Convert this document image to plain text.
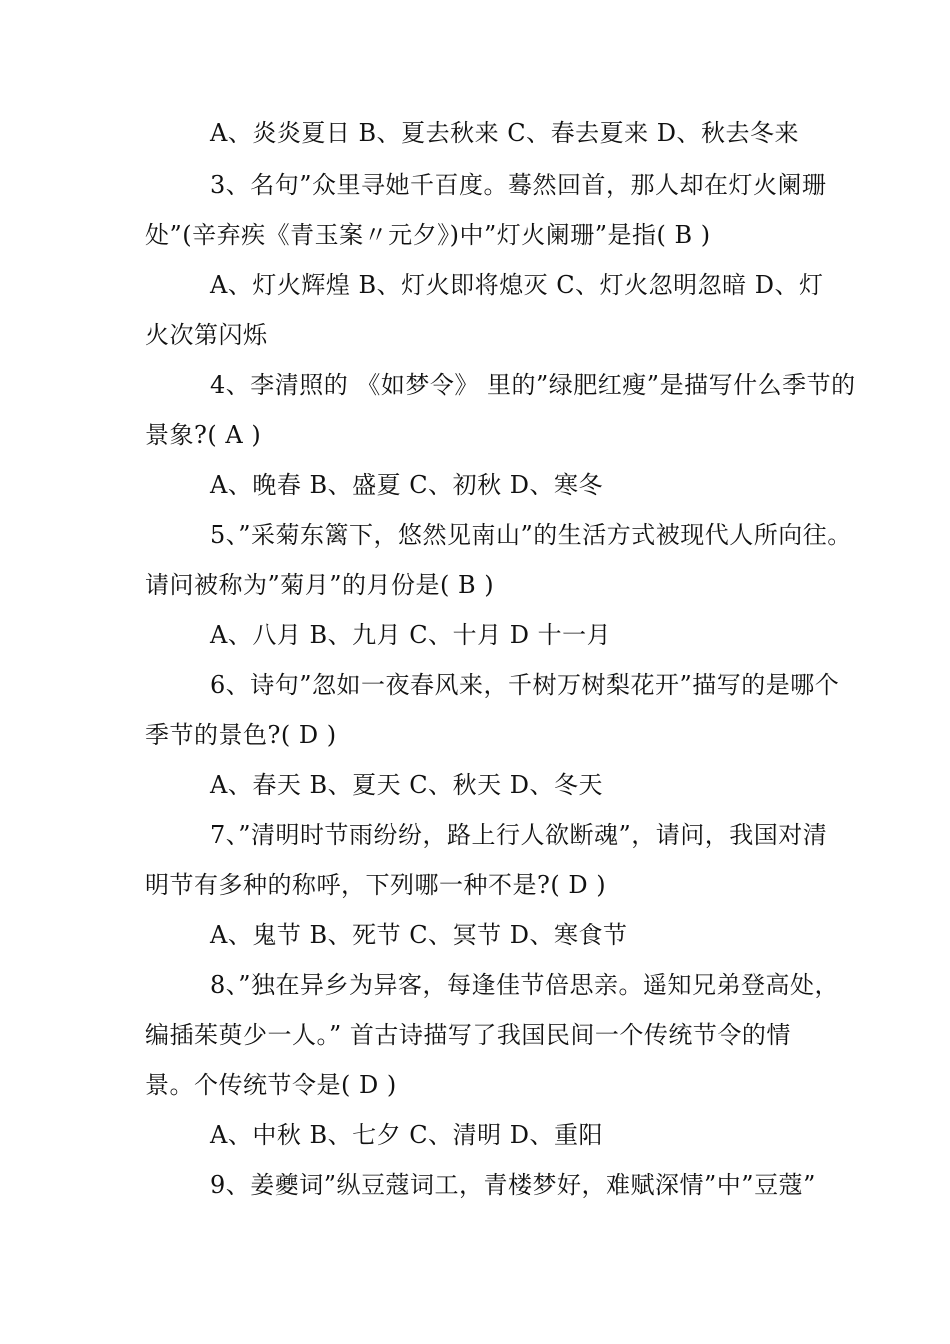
A、炎炎夏日 B、夏去秋来 C、春去夏来 D、秋去冬来
3、名句”众里寻她千百度。蓦然回首，那人却在灯火阑珊
处”(辛弃疾《青玉案〃元夕》)中”灯火阑珊”是指( B )
A、灯火辉煌 B、灯火即将熄灭 C、灯火忽明忽暗 D、灯
火次第闪烁
4、李清照的 《如梦令》 里的”绿肥红瘦”是描写什么季节的
景象?( A )
A、晚春 B、盛夏 C、初秋 D、寒冬
5、”采菊东篱下，悠然见南山”的生活方式被现代人所向往。
请问被称为”菊月”的月份是( B )
A、八月 B、九月 C、十月 D 十一月
6、诗句”忽如一夜春风来，千树万树梨花开”描写的是哪个
季节的景色?( D )
A、春天 B、夏天 C、秋天 D、冬天
7、”清明时节雨纷纷，路上行人欲断魂”，请问，我国对清
明节有多种的称呼，下列哪一种不是?( D )
A、鬼节 B、死节 C、冥节 D、寒食节
8、”独在异乡为异客，每逢佳节倍思亲。遥知兄弟登高处，
编插茱萸少一人。” 首古诗描写了我国民间一个传统节令的情
景。个传统节令是( D )
A、中秋 B、七夕 C、清明 D、重阳
9、姜夔词”纵豆蔻词工，青楼梦好，难赋深情”中”豆蔻”
